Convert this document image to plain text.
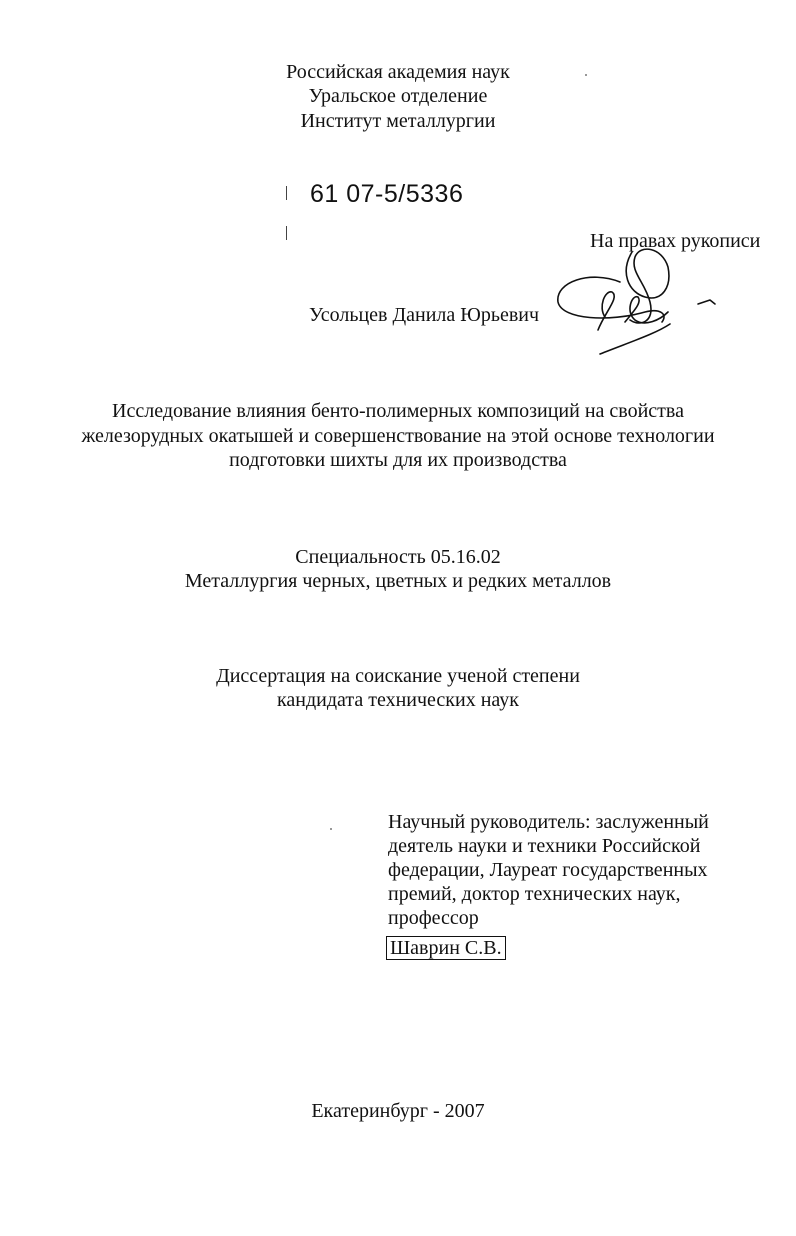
Российская академия наук
Уральское отделение
Институт металлургии
61 07-5/5336
На правах рукописи
Усольцев Данила Юрьевич
Исследование влияния бенто-полимерных композиций на свойства
железорудных окатышей и совершенствование на этой основе технологии
подготовки шихты для их производства
Специальность 05.16.02
Металлургия черных, цветных и редких металлов
Диссертация на соискание ученой степени
кандидата технических наук
Научный руководитель: заслуженный
деятель науки и техники Российской
федерации, Лауреат государственных
премий, доктор технических наук,
профессор
Шаврин С.В.
Екатеринбург - 2007
